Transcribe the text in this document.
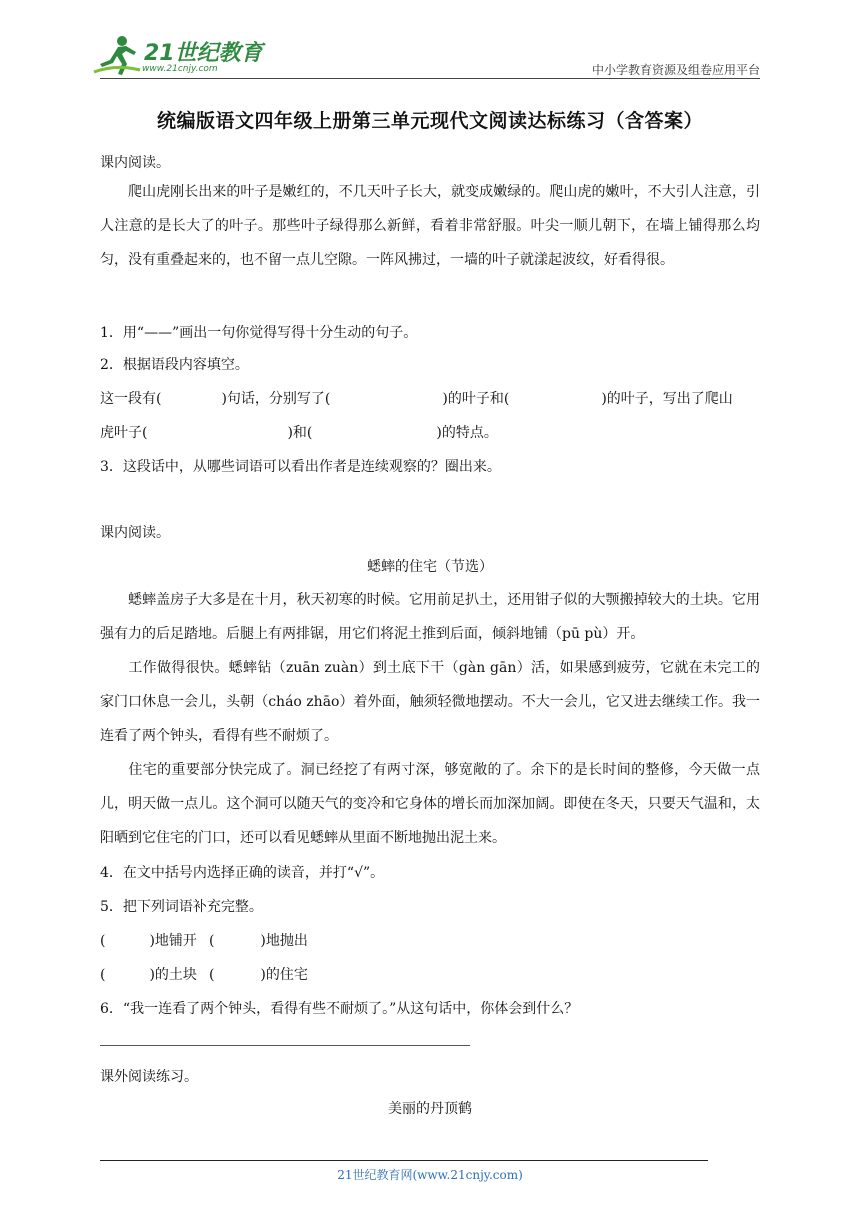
21世纪教育
www.21cnjy.com	中小学教育资源及组卷应用平台
统编版语文四年级上册第三单元现代文阅读达标练习（含答案）
课内阅读。
爬山虎刚长出来的叶子是嫩红的，不几天叶子长大，就变成嫩绿的。爬山虎的嫩叶，不大引人注意，引人注意的是长大了的叶子。那些叶子绿得那么新鲜，看着非常舒服。叶尖一顺儿朝下，在墙上铺得那么均匀，没有重叠起来的，也不留一点儿空隙。一阵风拂过，一墙的叶子就漾起波纹，好看得很。
1．用“——”画出一句你觉得写得十分生动的句子。
2．根据语段内容填空。
这一段有(	)句话，分别写了(	)的叶子和(	)的叶子，写出了爬山
虎叶子(	)和(	)的特点。
3．这段话中，从哪些词语可以看出作者是连续观察的？圈出来。
课内阅读。
蟋蟀的住宅（节选）
蟋蟀盖房子大多是在十月，秋天初寒的时候。它用前足扒土，还用钳子似的大颚搬掉较大的土块。它用强有力的后足踏地。后腿上有两排锯，用它们将泥土推到后面，倾斜地铺（pū pù）开。
工作做得很快。蟋蟀钻（zuān zuàn）到土底下干（gàn gān）活，如果感到疲劳，它就在未完工的家门口休息一会儿，头朝（cháo zhāo）着外面，触须轻微地摆动。不大一会儿，它又进去继续工作。我一连看了两个钟头，看得有些不耐烦了。
住宅的重要部分快完成了。洞已经挖了有两寸深，够宽敞的了。余下的是长时间的整修，今天做一点儿，明天做一点儿。这个洞可以随天气的变冷和它身体的增长而加深加阔。即使在冬天，只要天气温和，太阳晒到它住宅的门口，还可以看见蟋蟀从里面不断地抛出泥土来。
4．在文中括号内选择正确的读音，并打“√”。
5．把下列词语补充完整。
(	)地铺开 (	)地抛出
(	)的土块 (	)的住宅
6．“我一连看了两个钟头，看得有些不耐烦了。”从这句话中，你体会到什么？
课外阅读练习。
美丽的丹顶鹤
21世纪教育网(www.21cnjy.com)
